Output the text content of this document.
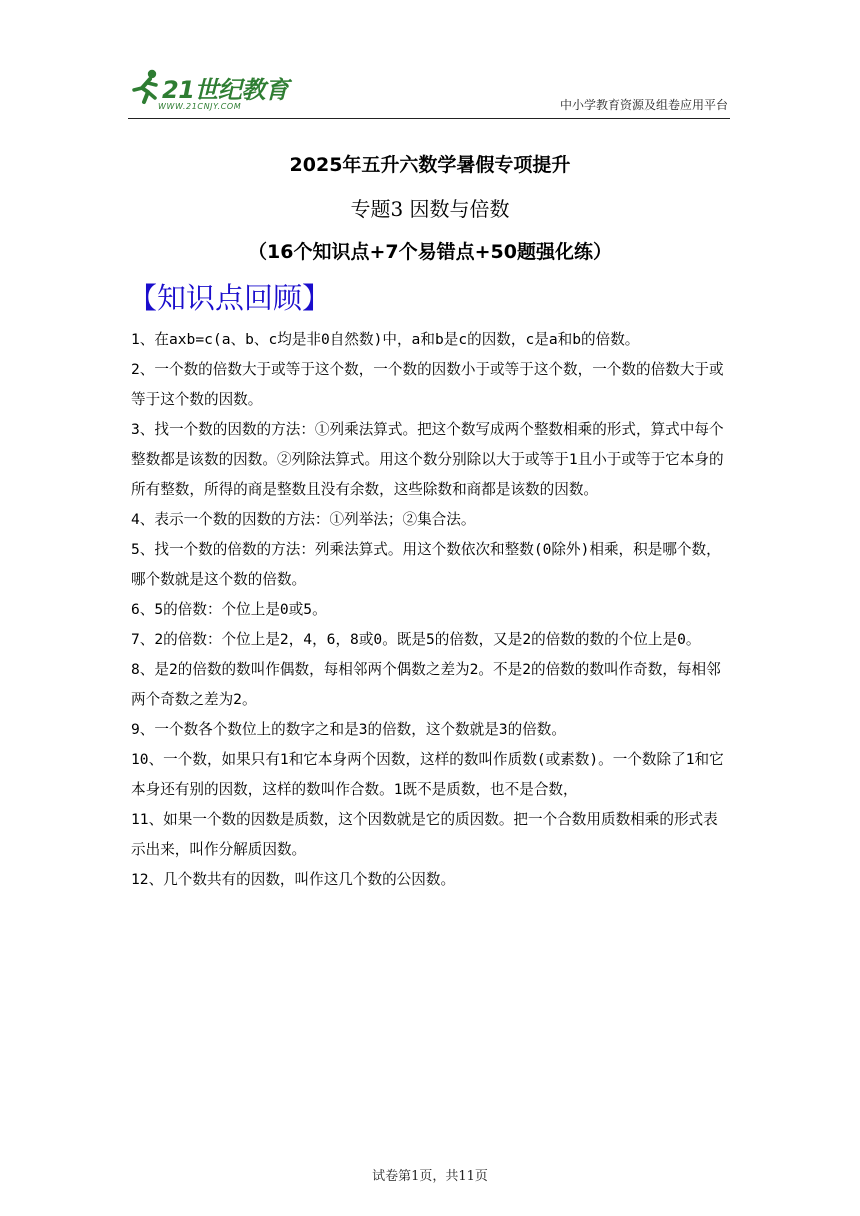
21世纪教育
WWW.21CNJY.COM	中小学教育资源及组卷应用平台
2025年五升六数学暑假专项提升
专题3 因数与倍数
（16个知识点+7个易错点+50题强化练）
【知识点回顾】

1、在axb=c(a、b、c均是非0自然数)中，a和b是c的因数，c是a和b的倍数。

2、一个数的倍数大于或等于这个数，一个数的因数小于或等于这个数，一个数的倍数大于或等于这个数的因数。

3、找一个数的因数的方法：①列乘法算式。把这个数写成两个整数相乘的形式，算式中每个整数都是该数的因数。②列除法算式。用这个数分别除以大于或等于1且小于或等于它本身的所有整数，所得的商是整数且没有余数，这些除数和商都是该数的因数。

4、表示一个数的因数的方法：①列举法；②集合法。

5、找一个数的倍数的方法：列乘法算式。用这个数依次和整数(0除外)相乘，积是哪个数，哪个数就是这个数的倍数。

6、5的倍数：个位上是0或5。

7、2的倍数：个位上是2，4，6，8或0。既是5的倍数，又是2的倍数的数的个位上是0。

8、是2的倍数的数叫作偶数，每相邻两个偶数之差为2。不是2的倍数的数叫作奇数，每相邻两个奇数之差为2。

9、一个数各个数位上的数字之和是3的倍数，这个数就是3的倍数。

10、一个数，如果只有1和它本身两个因数，这样的数叫作质数(或素数)。一个数除了1和它

本身还有别的因数，这样的数叫作合数。1既不是质数，也不是合数，

11、如果一个数的因数是质数，这个因数就是它的质因数。把一个合数用质数相乘的形式表示出来，叫作分解质因数。

12、几个数共有的因数，叫作这几个数的公因数。

试卷第1页，共11页
